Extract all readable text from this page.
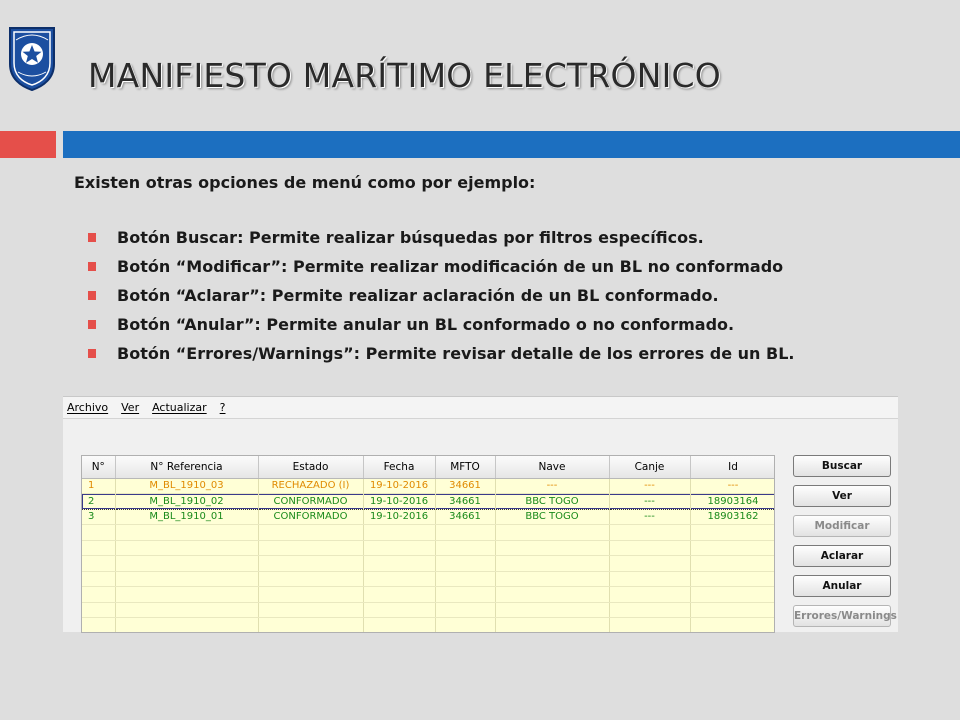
MANIFIESTO MARÍTIMO ELECTRÓNICO
Existen otras opciones de menú como por ejemplo:
Botón Buscar: Permite realizar búsquedas por filtros específicos.
Botón “Modificar”: Permite realizar modificación de un BL no conformado
Botón “Aclarar”: Permite realizar aclaración de un BL conformado.
Botón “Anular”: Permite anular un BL conformado o no conformado.
Botón “Errores/Warnings”: Permite revisar detalle de los errores de un BL.
Archivo Ver Actualizar ?
N°	N° Referencia	Estado	Fecha	MFTO	Nave	Canje	Id
1	M_BL_1910_03	RECHAZADO (I)	19-10-2016	34661	---	---	---
2	M_BL_1910_02	CONFORMADO	19-10-2016	34661	BBC TOGO	---	18903164
3	M_BL_1910_01	CONFORMADO	19-10-2016	34661	BBC TOGO	---	18903162

Buscar
Ver
Modificar
Aclarar
Anular
Errores/Warnings
